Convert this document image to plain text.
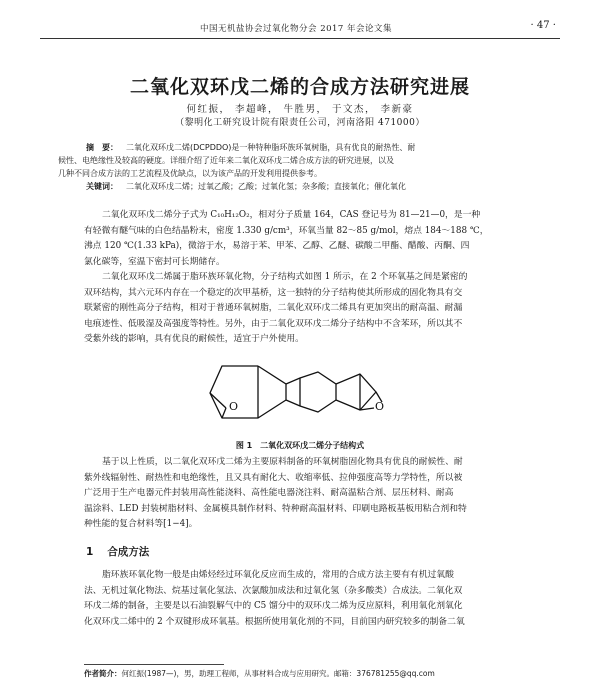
中国无机盐协会过氧化物分会 2017 年会论文集	· 47 ·
二氧化双环戊二烯的合成方法研究进展
何红振， 李超峰， 牛胜男， 于文杰， 李新豪
（黎明化工研究设计院有限责任公司，河南洛阳 471000）
摘　要： 二氧化双环戊二烯(DCPDDO)是一种特种脂环族环氧树脂，具有优良的耐热性、耐
候性、电绝缘性及较高的硬度。详细介绍了近年来二氧化双环戊二烯合成方法的研究进展，以及
几种不同合成方法的工艺流程及优缺点，以为该产品的开发利用提供参考。
关键词： 二氧化双环戊二烯；过氧乙酸；乙酸；过氧化氢；杂多酸；直接氧化；催化氧化
二氧化双环戊二烯分子式为 C₁₀H₁₂O₂，相对分子质量 164，CAS 登记号为 81—21—0，是一种
有轻微有醚气味的白色结晶粉末，密度 1.330 g/cm³，环氧当量 82～85 g/mol，熔点 184～188 ℃，
沸点 120 ℃(1.33 kPa)，微溶于水，易溶于苯、甲苯、乙醇、乙醚、碳酸二甲酯、醋酸、丙酮、四
氯化碳等，室温下密封可长期储存。
二氧化双环戊二烯属于脂环族环氧化物，分子结构式如图 1 所示，在 2 个环氧基之间是紧密的
双环结构，其六元环内存在一个稳定的次甲基桥，这一独特的分子结构使其所形成的固化物具有交
联紧密的刚性高分子结构，相对于普通环氧树脂，二氧化双环戊二烯具有更加突出的耐高温、耐漏
电痕迹性、低吸湿及高强度等特性。另外，由于二氧化双环戊二烯分子结构中不含苯环，所以其不
受紫外线的影响，具有优良的耐候性，适宜于户外使用。
O	O
图 1　二氧化双环戊二烯分子结构式
基于以上性质，以二氧化双环戊二烯为主要原料制备的环氧树脂固化物具有优良的耐候性、耐
紫外线辐射性、耐热性和电绝缘性，且又具有耐化大、收缩率低、拉伸强度高等力学特性，所以被
广泛用于生产电器元件封装用高性能浇料、高性能电器浇注料、耐高温粘合剂、层压材料、耐高
温涂料、LED 封装树脂材料、金属模具制作材料、特种耐高温材料、印刷电路板基板用粘合剂和特
种性能的复合材料等[1−4]。
1 合成方法
脂环族环氧化物一般是由烯烃经过环氧化反应而生成的，常用的合成方法主要有有机过氧酸
法、无机过氧化物法、烷基过氧化氢法、次氯酸加成法和过氧化氢（杂多酸类）合成法。二氧化双
环戊二烯的制备，主要是以石油裂解气中的 C5 馏分中的双环戊二烯为反应原料，利用氧化剂氧化
化双环戊二烯中的 2 个双键形成环氧基。根据所使用氧化剂的不同，目前国内研究较多的制备二氧
作者简介：何红振(1987—)，男，助理工程师，从事材料合成与应用研究。邮箱：376781255@qq.com
